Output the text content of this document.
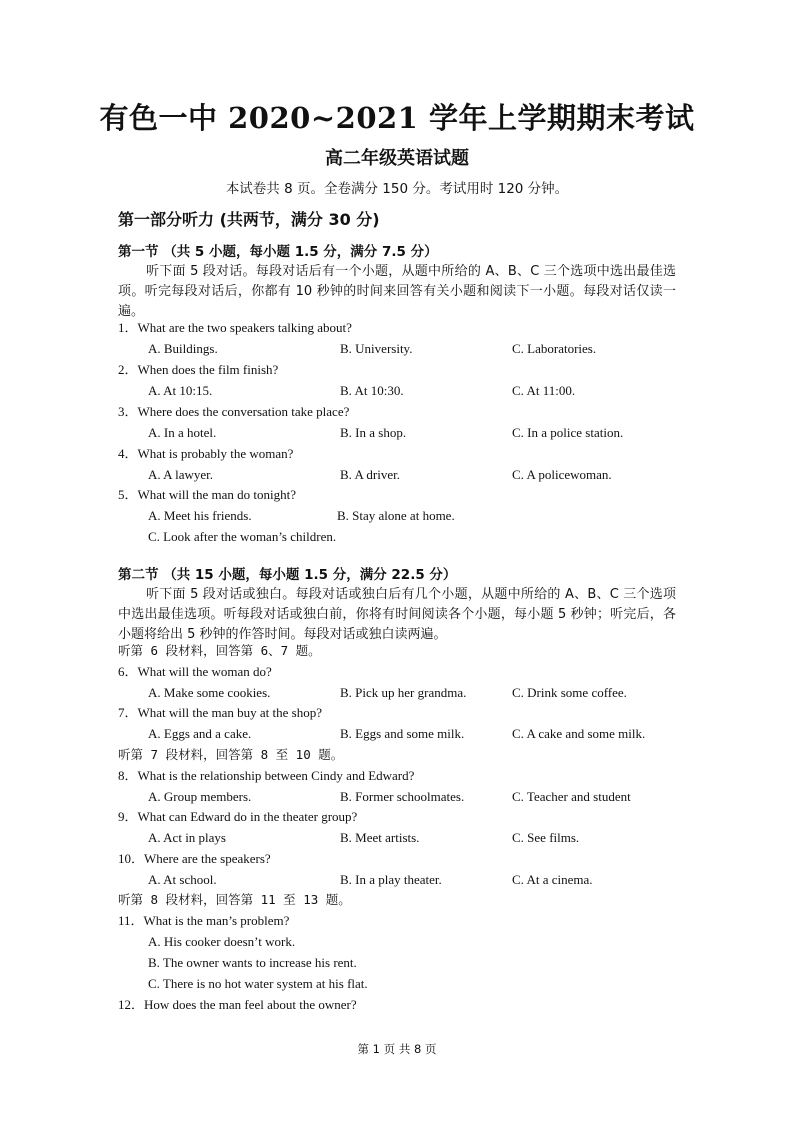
有色一中 2020~2021 学年上学期期末考试
高二年级英语试题
本试卷共 8 页。全卷满分 150 分。考试用时 120 分钟。
第一部分听力 (共两节，满分 30 分)
第一节 （共 5 小题，每小题 1.5 分，满分 7.5 分）
听下面 5 段对话。每段对话后有一个小题，从题中所给的 A、B、C 三个选项中选出最佳选项。听完每段对话后，你都有 10 秒钟的时间来回答有关小题和阅读下一小题。每段对话仅读一遍。
1．What are the two speakers talking about?
A. Buildings.	B. University.	C. Laboratories.
2．When does the film finish?
A. At 10:15.	B. At 10:30.	C. At 11:00.
3．Where does the conversation take place?
A. In a hotel.	B. In a shop.	C. In a police station.
4．What is probably the woman?
A. A lawyer.	B. A driver.	C. A policewoman.
5．What will the man do tonight?
A. Meet his friends.	B. Stay alone at home.
C. Look after the woman’s children.
第二节 （共 15 小题，每小题 1.5 分，满分 22.5 分）
听下面 5 段对话或独白。每段对话或独白后有几个小题，从题中所给的 A、B、C 三个选项中选出最佳选项。听每段对话或独白前，你将有时间阅读各个小题，每小题 5 秒钟；听完后，各小题将给出 5 秒钟的作答时间。每段对话或独白读两遍。
听第 6 段材料，回答第 6、7 题。
6．What will the woman do?
A. Make some cookies.	B. Pick up her grandma.	C. Drink some coffee.
7．What will the man buy at the shop?
A. Eggs and a cake.	B. Eggs and some milk.	C. A cake and some milk.
听第 7 段材料，回答第 8 至 10 题。
8．What is the relationship between Cindy and Edward?
A. Group members.	B. Former schoolmates.	C. Teacher and student
9．What can Edward do in the theater group?
A. Act in plays	B. Meet artists.	C. See films.
10．Where are the speakers?
A. At school.	B. In a play theater.	C. At a cinema.
听第 8 段材料，回答第 11 至 13 题。
11．What is the man’s problem?
A. His cooker doesn’t work.
B. The owner wants to increase his rent.
C. There is no hot water system at his flat.
12．How does the man feel about the owner?
第 1 页 共 8 页
